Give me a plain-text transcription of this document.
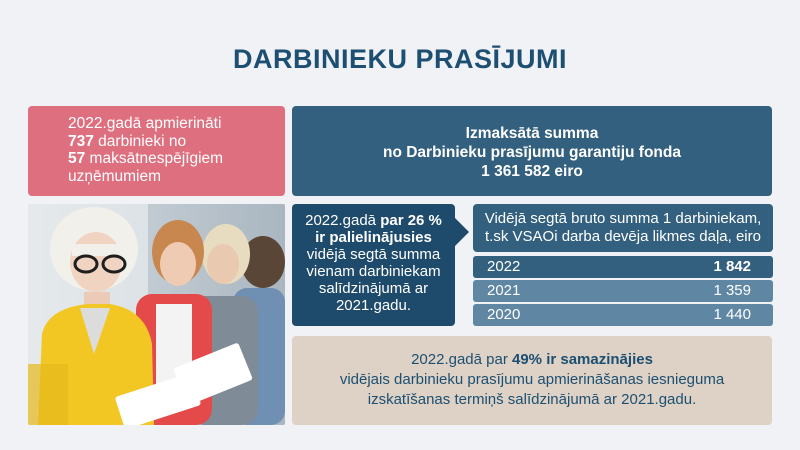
DARBINIEKU PRASĪJUMI
2022.gadā apmierināti
737 darbinieki no
57 maksātnespējīgiem
uzņēmumiem
Izmaksātā summa
no Darbinieku prasījumu garantiju fonda
1 361 582 eiro
2022.gadā par 26 %
ir palielinājusies
vidējā segtā summa
vienam darbiniekam
salīdzinājumā ar
2021.gadu.
Vidējā segtā bruto summa 1 darbiniekam,
t.sk VSAOi darba devēja likmes daļa, eiro
2022	1 842
2021	1 359
2020	1 440
2022.gadā par 49% ir samazinājies
vidējais darbinieku prasījumu apmierināšanas iesnieguma
izskatīšanas termiņš salīdzinājumā ar 2021.gadu.
